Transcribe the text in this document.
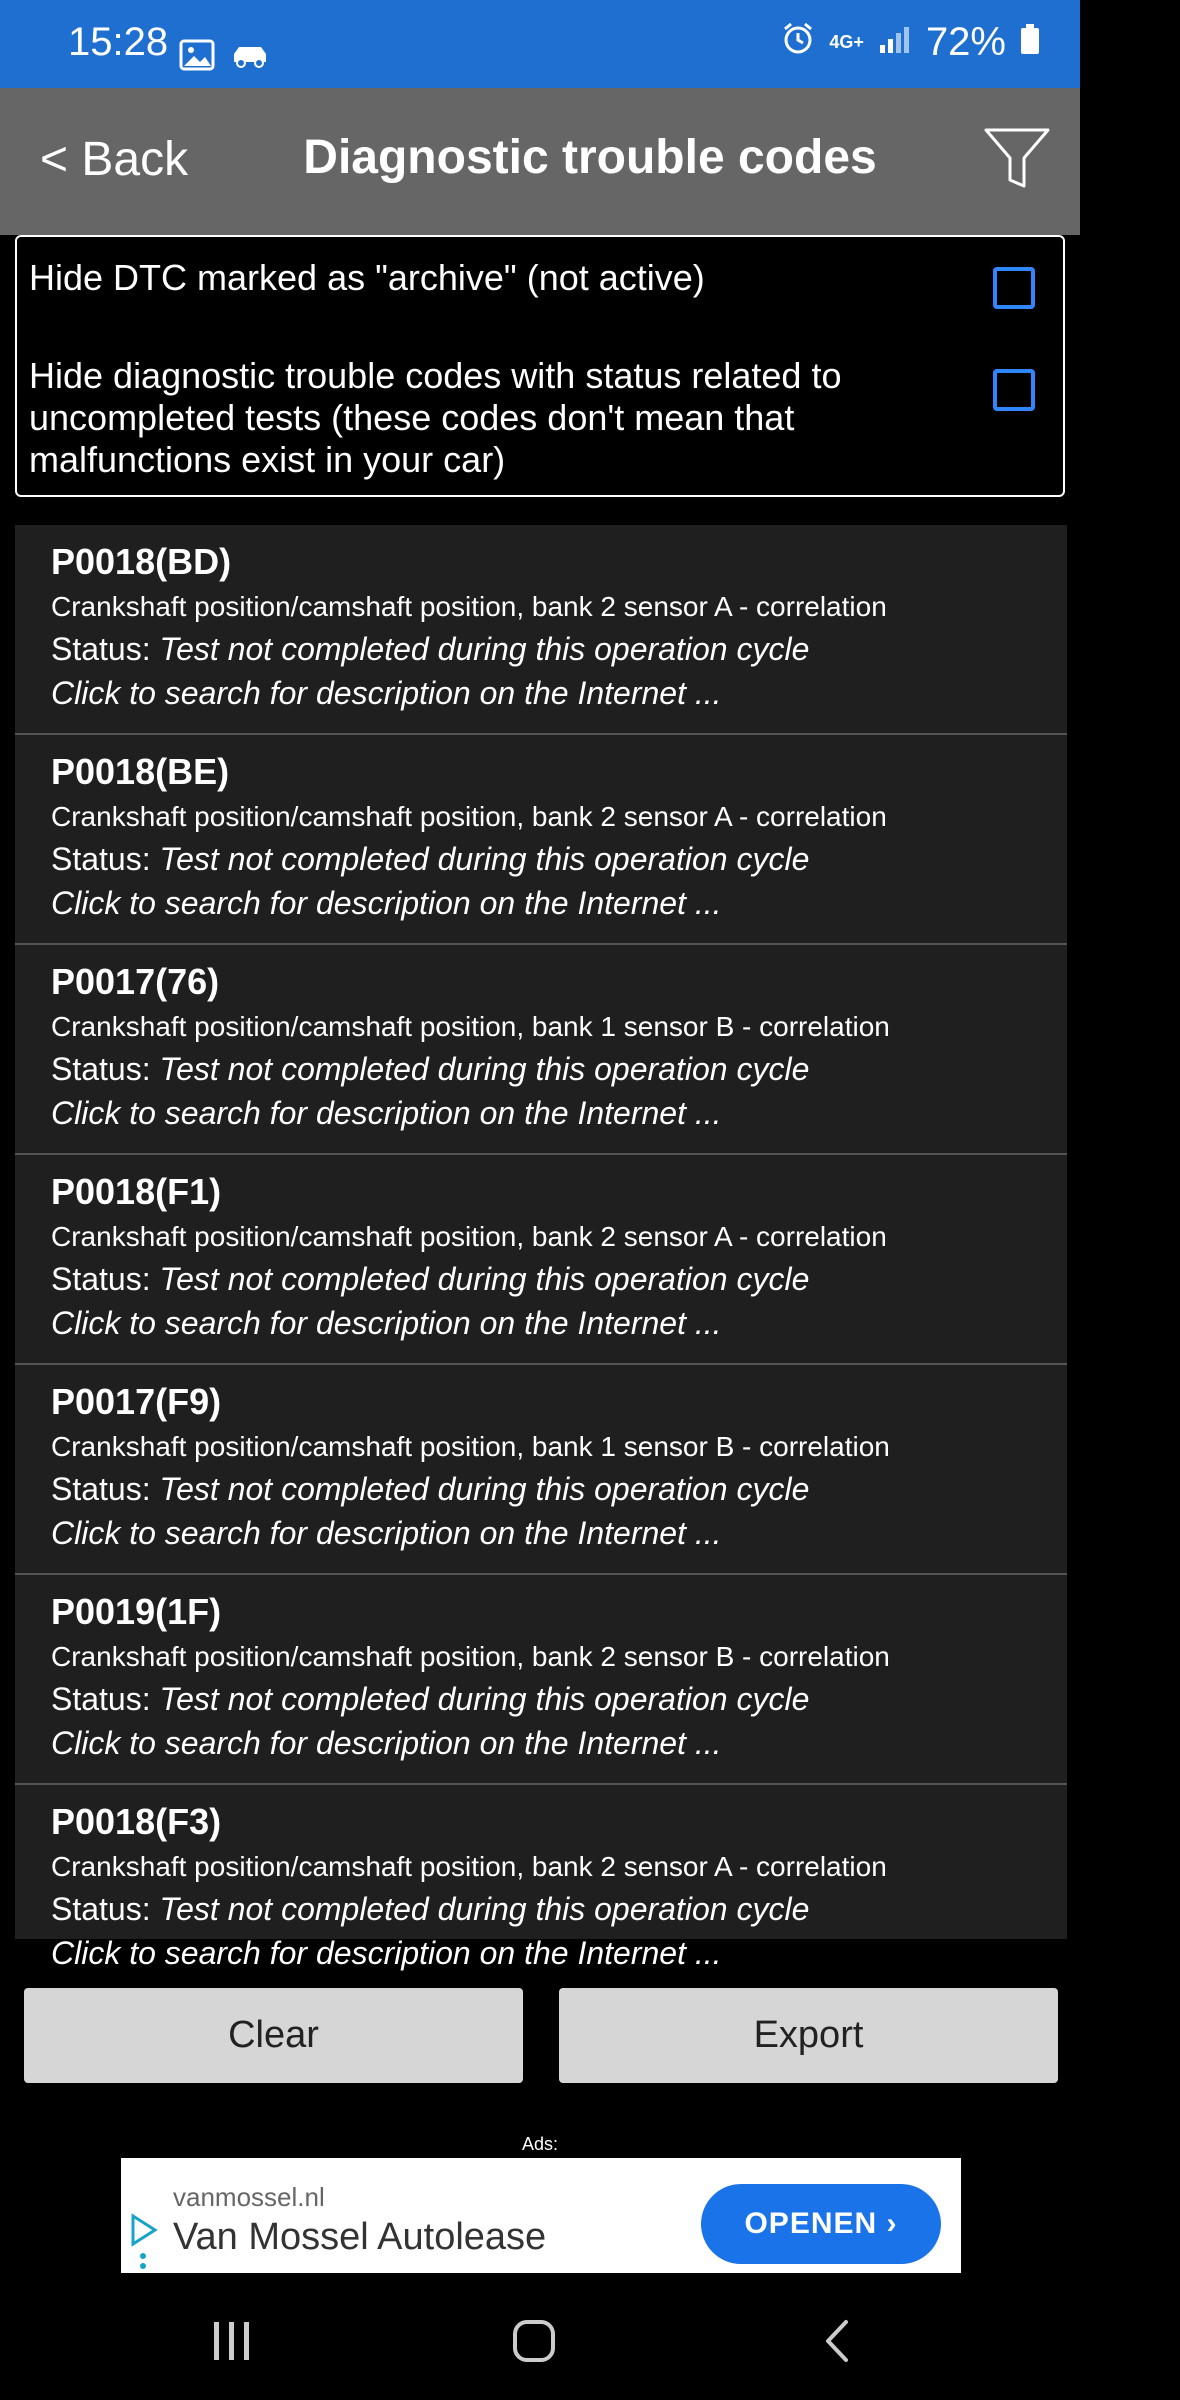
15:28	4G+ 72%
< Back	Diagnostic trouble codes
Hide DTC marked as "archive" (not active)
Hide diagnostic trouble codes with status related to uncompleted tests (these codes don't mean that malfunctions exist in your car)
P0018(BD)
Crankshaft position/camshaft position, bank 2 sensor A - correlation
Status: Test not completed during this operation cycle
Click to search for description on the Internet ...
P0018(BE)
Crankshaft position/camshaft position, bank 2 sensor A - correlation
Status: Test not completed during this operation cycle
Click to search for description on the Internet ...
P0017(76)
Crankshaft position/camshaft position, bank 1 sensor B - correlation
Status: Test not completed during this operation cycle
Click to search for description on the Internet ...
P0018(F1)
Crankshaft position/camshaft position, bank 2 sensor A - correlation
Status: Test not completed during this operation cycle
Click to search for description on the Internet ...
P0017(F9)
Crankshaft position/camshaft position, bank 1 sensor B - correlation
Status: Test not completed during this operation cycle
Click to search for description on the Internet ...
P0019(1F)
Crankshaft position/camshaft position, bank 2 sensor B - correlation
Status: Test not completed during this operation cycle
Click to search for description on the Internet ...
P0018(F3)
Crankshaft position/camshaft position, bank 2 sensor A - correlation
Status: Test not completed during this operation cycle
Click to search for description on the Internet ...
Clear	Export
Ads:
vanmossel.nl
Van Mossel Autolease	OPENEN ›
